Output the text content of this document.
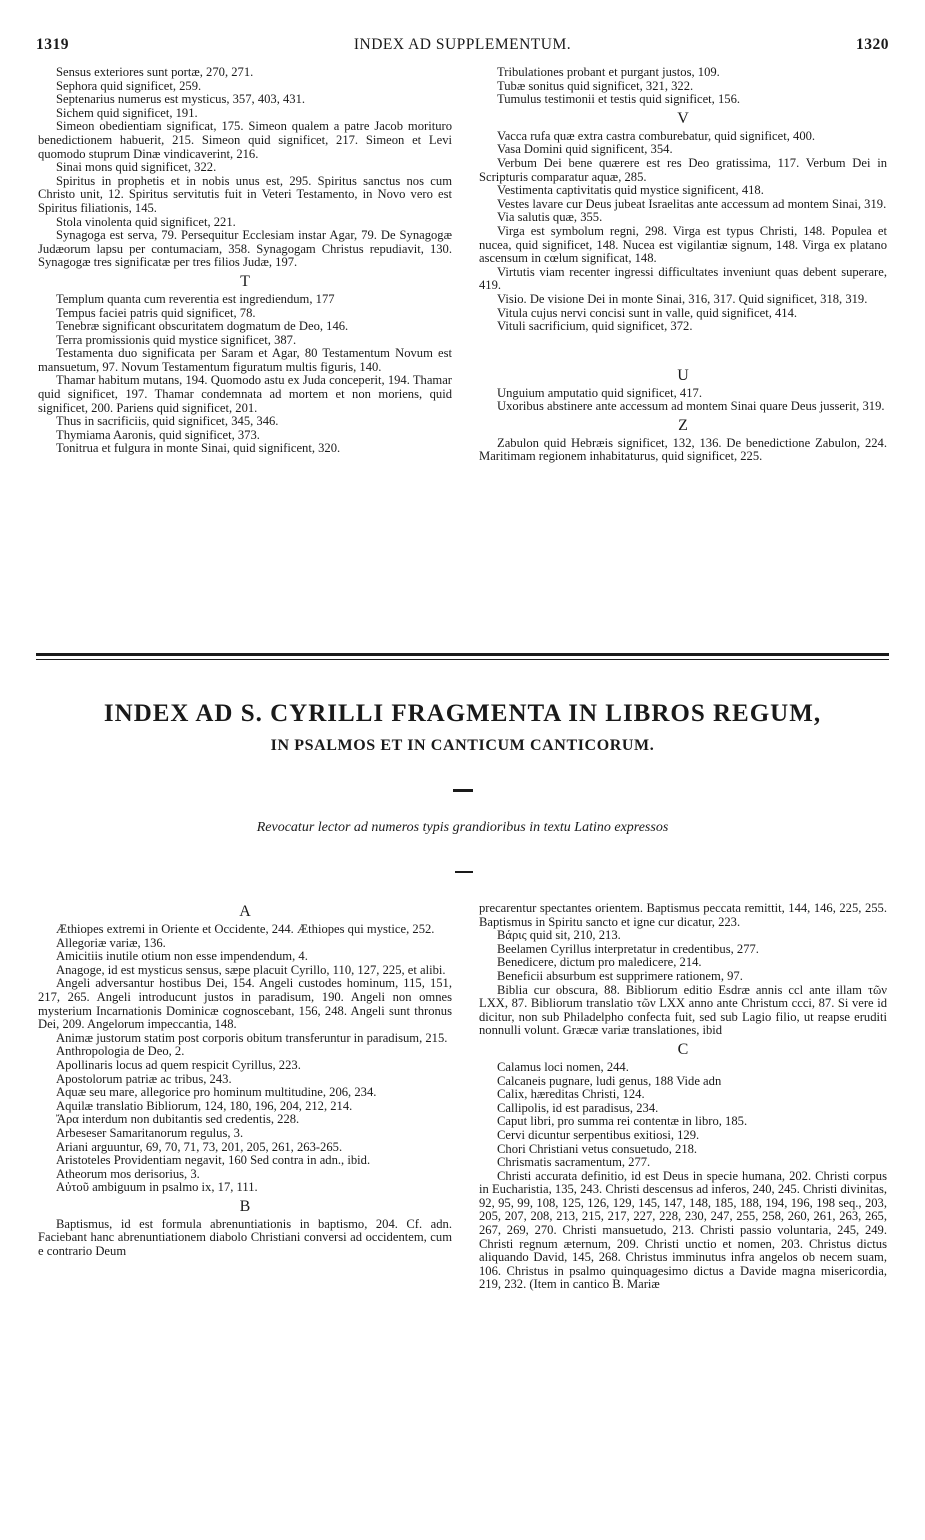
1319	INDEX AD SUPPLEMENTUM.	1320

Sensus exteriores sunt portæ, 270, 271.

Sephora quid significet, 259.

Septenarius numerus est mysticus, 357, 403, 431.

Sichem quid significet, 191.

Simeon obedientiam significat, 175. Simeon qualem a patre Jacob morituro benedictionem habuerit, 215. Simeon quid significet, 217. Simeon et Levi quomodo stuprum Dinæ vindicaverint, 216.

Sinai mons quid significet, 322.

Spiritus in prophetis et in nobis unus est, 295. Spiritus sanctus nos cum Christo unit, 12. Spiritus servitutis fuit in Veteri Testamento, in Novo vero est Spiritus filiationis, 145.

Stola vinolenta quid significet, 221.

Synagoga est serva, 79. Persequitur Ecclesiam instar Agar, 79. De Synagogæ Judæorum lapsu per contumaciam, 358. Synagogam Christus repudiavit, 130. Synagogæ tres significatæ per tres filios Judæ, 197.

T

Templum quanta cum reverentia est ingrediendum, 177

Tempus faciei patris quid significet, 78.

Tenebræ significant obscuritatem dogmatum de Deo, 146.

Terra promissionis quid mystice significet, 387.

Testamenta duo significata per Saram et Agar, 80 Testamentum Novum est mansuetum, 97. Novum Testamentum figuratum multis figuris, 140.

Thamar habitum mutans, 194. Quomodo astu ex Juda conceperit, 194. Thamar quid significet, 197. Thamar condemnata ad mortem et non moriens, quid significet, 200. Pariens quid significet, 201.

Thus in sacrificiis, quid significet, 345, 346.

Thymiama Aaronis, quid significet, 373.

Tonitrua et fulgura in monte Sinai, quid significent, 320.

Tribulationes probant et purgant justos, 109.

Tubæ sonitus quid significet, 321, 322.

Tumulus testimonii et testis quid significet, 156.

V

Vacca rufa quæ extra castra comburebatur, quid significet, 400.

Vasa Domini quid significent, 354.

Verbum Dei bene quærere est res Deo gratissima, 117. Verbum Dei in Scripturis comparatur aquæ, 285.

Vestimenta captivitatis quid mystice significent, 418.

Vestes lavare cur Deus jubeat Israelitas ante accessum ad montem Sinai, 319.

Via salutis quæ, 355.

Virga est symbolum regni, 298. Virga est typus Christi, 148. Populea et nucea, quid significet, 148. Nucea est vigilantiæ signum, 148. Virga ex platano ascensum in cœlum significat, 148.

Virtutis viam recenter ingressi difficultates inveniunt quas debent superare, 419.

Visio. De visione Dei in monte Sinai, 316, 317. Quid significet, 318, 319.

Vitula cujus nervi concisi sunt in valle, quid significet, 414.

Vituli sacrificium, quid significet, 372.

U

Unguium amputatio quid significet, 417.

Uxoribus abstinere ante accessum ad montem Sinai quare Deus jusserit, 319.

Z

Zabulon quid Hebræis significet, 132, 136. De benedictione Zabulon, 224. Maritimam regionem inhabitaturus, quid significet, 225.

INDEX AD S. CYRILLI FRAGMENTA IN LIBROS REGUM,
IN PSALMOS ET IN CANTICUM CANTICORUM.
Revocatur lector ad numeros typis grandioribus in textu Latino expressos
A

Æthiopes extremi in Oriente et Occidente, 244. Æthiopes qui mystice, 252.

Allegoriæ variæ, 136.

Amicitiis inutile otium non esse impendendum, 4.

Anagoge, id est mysticus sensus, sæpe placuit Cyrillo, 110, 127, 225, et alibi.

Angeli adversantur hostibus Dei, 154. Angeli custodes hominum, 115, 151, 217, 265. Angeli introducunt justos in paradisum, 190. Angeli non omnes mysterium Incarnationis Dominicæ cognoscebant, 156, 248. Angeli sunt thronus Dei, 209. Angelorum impeccantia, 148.

Animæ justorum statim post corporis obitum transferuntur in paradisum, 215.

Anthropologia de Deo, 2.

Apollinaris locus ad quem respicit Cyrillus, 223.

Apostolorum patriæ ac tribus, 243.

Aquæ seu mare, allegorice pro hominum multitudine, 206, 234.

Aquilæ translatio Bibliorum, 124, 180, 196, 204, 212, 214.

Ἄρα interdum non dubitantis sed credentis, 228.

Arbeseser Samaritanorum regulus, 3.

Ariani arguuntur, 69, 70, 71, 73, 201, 205, 261, 263-265.

Aristoteles Providentiam negavit, 160 Sed contra in adn., ibid.

Atheorum mos derisorius, 3.

Αὐτοῦ ambiguum in psalmo ix, 17, 111.

B

Baptismus, id est formula abrenuntiationis in baptismo, 204. Cf. adn. Faciebant hanc abrenuntiationem diabolo Christiani conversi ad occidentem, cum e contrario Deum

precarentur spectantes orientem. Baptismus peccata remittit, 144, 146, 225, 255. Baptismus in Spiritu sancto et igne cur dicatur, 223.

Βάρις quid sit, 210, 213.

Beelamen Cyrillus interpretatur in credentibus, 277.

Benedicere, dictum pro maledicere, 214.

Beneficii absurbum est supprimere rationem, 97.

Biblia cur obscura, 88. Bibliorum editio Esdræ annis ccl ante illam τῶν LXX, 87. Bibliorum translatio τῶν LXX anno ante Christum ccci, 87. Si vere id dicitur, non sub Philadelpho confecta fuit, sed sub Lagio filio, ut reapse eruditi nonnulli volunt. Græcæ variæ translationes, ibid

C

Calamus loci nomen, 244.

Calcaneis pugnare, ludi genus, 188 Vide adn

Calix, hæreditas Christi, 124.

Callipolis, id est paradisus, 234.

Caput libri, pro summa rei contentæ in libro, 185.

Cervi dicuntur serpentibus exitiosi, 129.

Chori Christiani vetus consuetudo, 218.

Chrismatis sacramentum, 277.

Christi accurata definitio, id est Deus in specie humana, 202. Christi corpus in Eucharistia, 135, 243. Christi descensus ad inferos, 240, 245. Christi divinitas, 92, 95, 99, 108, 125, 126, 129, 145, 147, 148, 185, 188, 194, 196, 198 seq., 203, 205, 207, 208, 213, 215, 217, 227, 228, 230, 247, 255, 258, 260, 261, 263, 265, 267, 269, 270. Christi mansuetudo, 213. Christi passio voluntaria, 245, 249. Christi regnum æternum, 209. Christi unctio et nomen, 203. Christus dictus aliquando David, 145, 268. Christus imminutus infra angelos ob necem suam, 106. Christus in psalmo quinquagesimo dictus a Davide magna misericordia, 219, 232. (Item in cantico B. Mariæ
